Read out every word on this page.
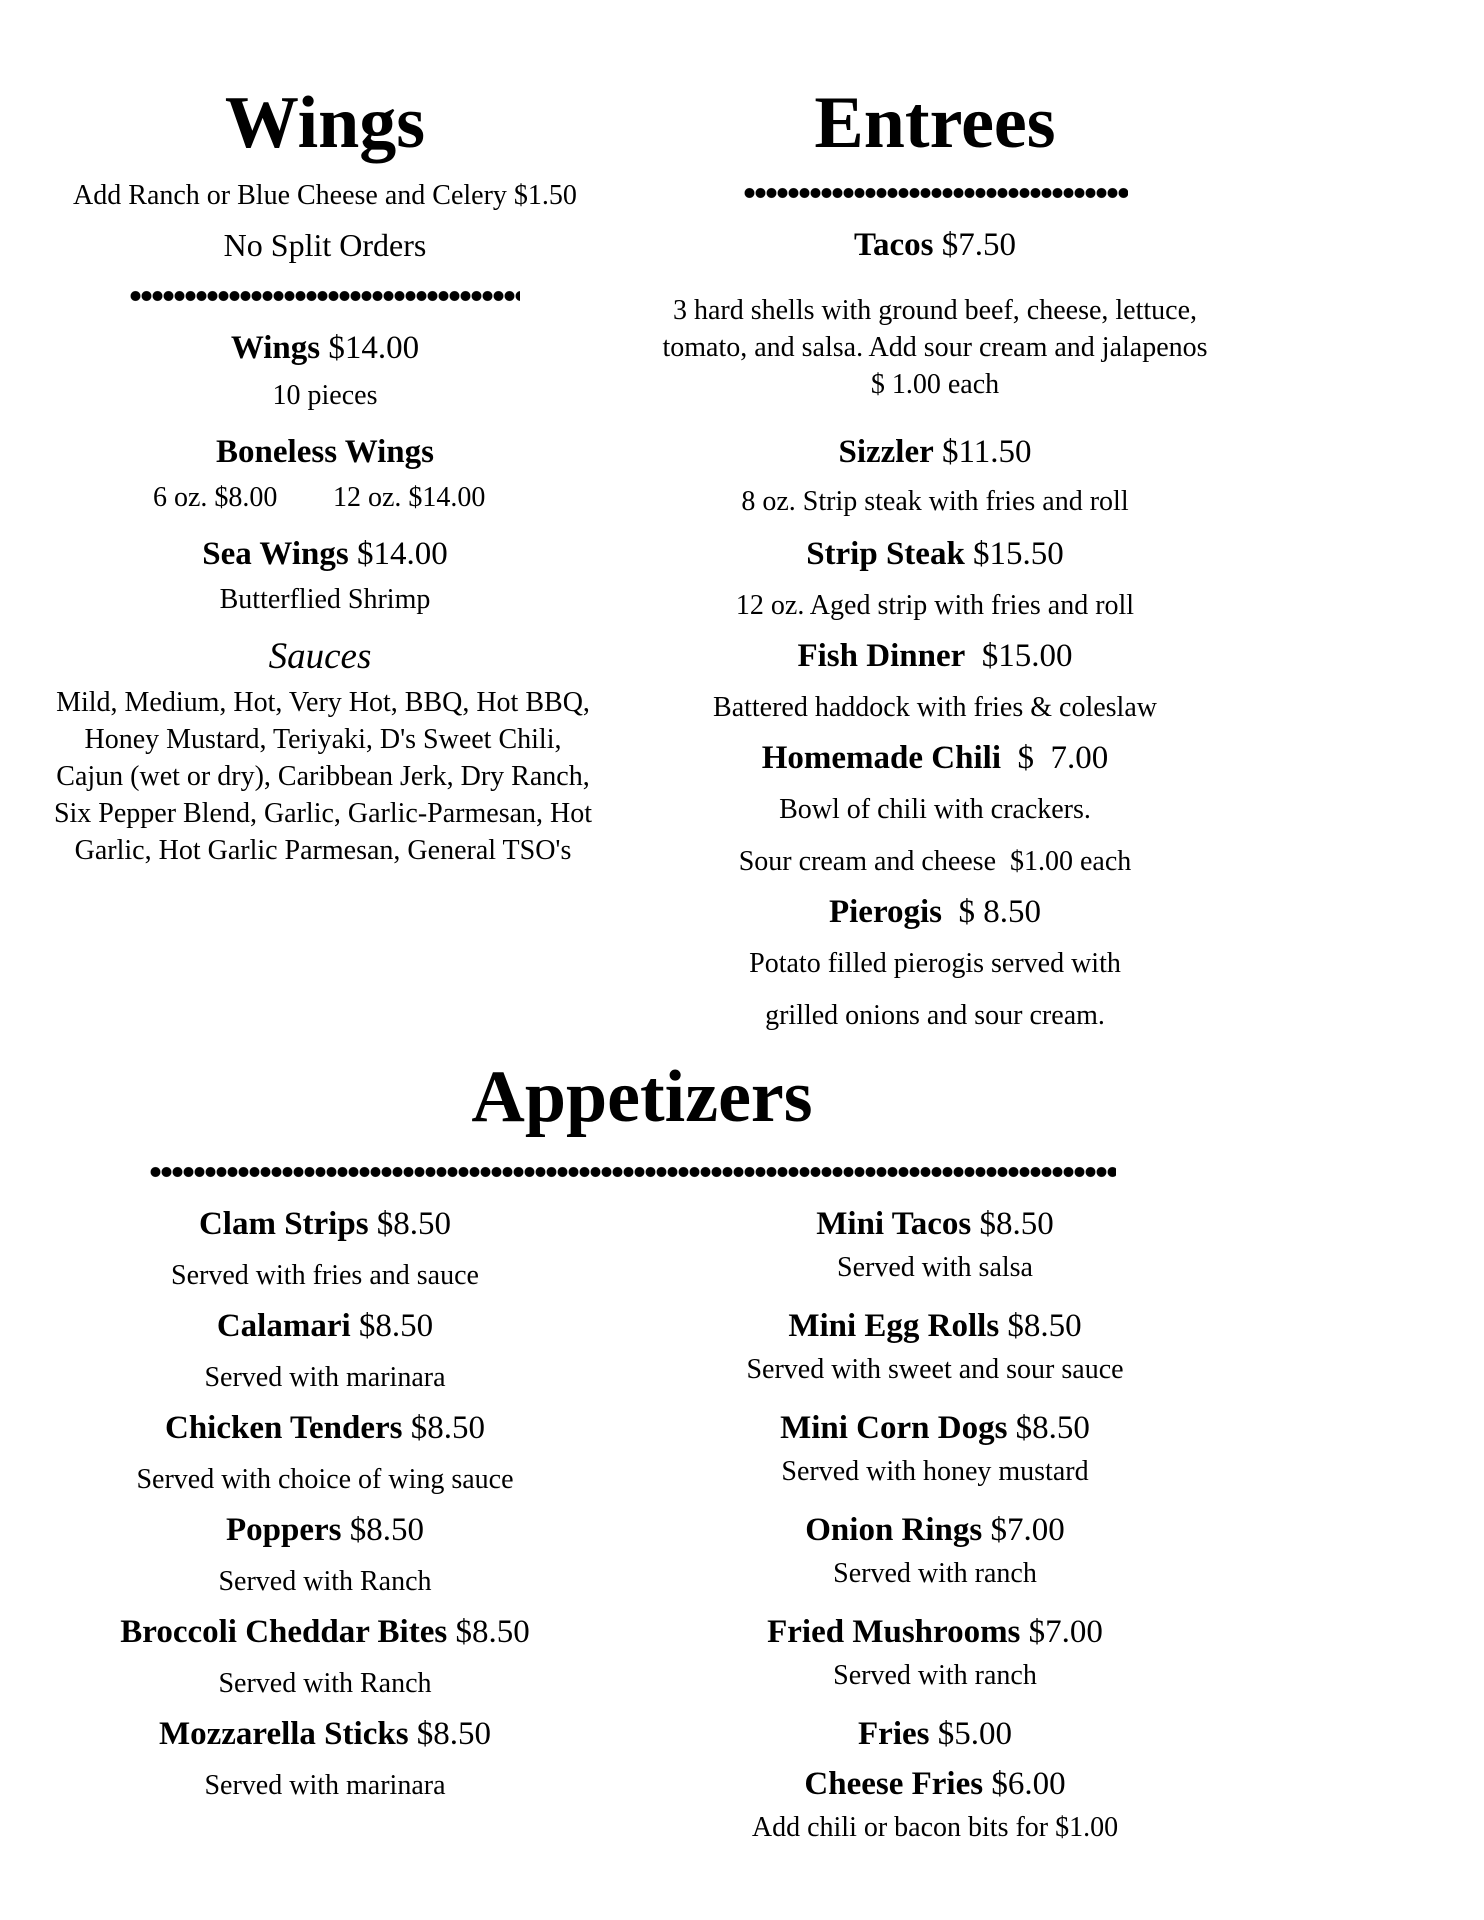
Wings
Add Ranch or Blue Cheese and Celery $1.50
No Split Orders
Wings $14.00
10 pieces
Boneless Wings
6 oz. $8.00 12 oz. $14.00
Sea Wings $14.00
Butterflied Shrimp
Sauces
Mild, Medium, Hot, Very Hot, BBQ, Hot BBQ, Honey Mustard, Teriyaki, D's Sweet Chili, Cajun (wet or dry), Caribbean Jerk, Dry Ranch, Six Pepper Blend, Garlic, Garlic-Parmesan, Hot Garlic, Hot Garlic Parmesan, General TSO's
Entrees
Tacos $7.50
3 hard shells with ground beef, cheese, lettuce, tomato, and salsa. Add sour cream and jalapenos $ 1.00 each
Sizzler $11.50
8 oz. Strip steak with fries and roll
Strip Steak $15.50
12 oz. Aged strip with fries and roll
Fish Dinner $15.00
Battered haddock with fries & coleslaw
Homemade Chili $  7.00
Bowl of chili with crackers.
Sour cream and cheese  $1.00 each
Pierogis $ 8.50
Potato filled pierogis served with
grilled onions and sour cream.
Appetizers
Clam Strips $8.50
Served with fries and sauce
Calamari $8.50
Served with marinara
Chicken Tenders $8.50
Served with choice of wing sauce
Poppers $8.50
Served with Ranch
Broccoli Cheddar Bites $8.50
Served with Ranch
Mozzarella Sticks $8.50
Served with marinara
Mini Tacos $8.50
Served with salsa
Mini Egg Rolls $8.50
Served with sweet and sour sauce
Mini Corn Dogs $8.50
Served with honey mustard
Onion Rings $7.00
Served with ranch
Fried Mushrooms $7.00
Served with ranch
Fries $5.00
Cheese Fries $6.00
Add chili or bacon bits for $1.00
